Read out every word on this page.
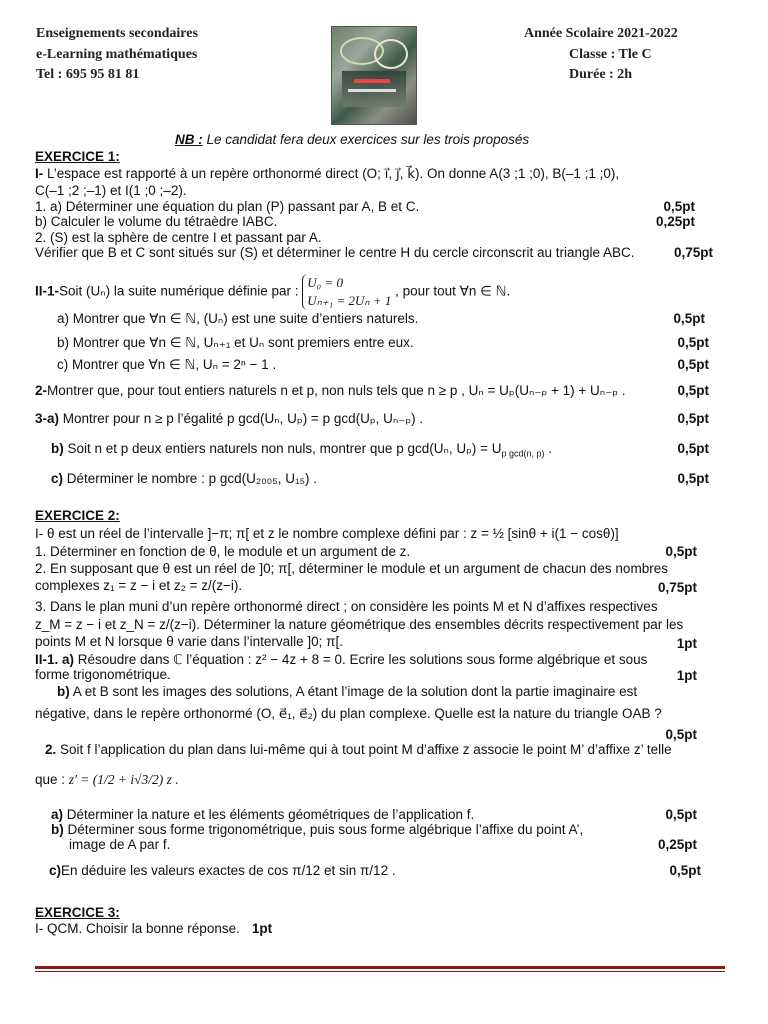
Enseignements secondaires
e-Learning mathématiques
Tel : 695 95 81 81
Année Scolaire 2021-2022
Classe : Tle C
Durée : 2h
NB : Le candidat fera deux exercices sur les trois proposés
EXERCICE 1:
I- L’espace est rapporté à un repère orthonormé direct (O; i⃗, j⃗, k⃗). On donne A(3 ;1 ;0), B(–1 ;1 ;0),
C(–1 ;2 ;–1) et I(1 ;0 ;–2).
1. a) Déterminer une équation du plan (P) passant par A, B et C.	0,5pt
b) Calculer le volume du tétraèdre IABC.	0,25pt
2. (S) est la sphère de centre I et passant par A.
Vérifier que B et C sont situés sur (S) et déterminer le centre H du cercle circonscrit au triangle ABC.	0,75pt
II-1-Soit (Uₙ) la suite numérique définie par :
U₀ = 0
Uₙ₊₁ = 2Uₙ + 1
, pour tout ∀n ∈ ℕ.
a) Montrer que ∀n ∈ ℕ, (Uₙ) est une suite d’entiers naturels.	0,5pt
b) Montrer que ∀n ∈ ℕ, Uₙ₊₁ et Uₙ sont premiers entre eux.	0,5pt
c) Montrer que ∀n ∈ ℕ, Uₙ = 2ⁿ − 1 .	0,5pt
2-Montrer que, pour tout entiers naturels n et p, non nuls tels que n ≥ p , Uₙ = Uₚ(Uₙ₋ₚ + 1) + Uₙ₋ₚ .	0,5pt
3-a) Montrer pour n ≥ p l’égalité p gcd(Uₙ, Uₚ) = p gcd(Uₚ, Uₙ₋ₚ) .	0,5pt
b) Soit n et p deux entiers naturels non nuls, montrer que p gcd(Uₙ, $U_p) = U_{p gcd(n, p)}$ .	0,5pt
c) Déterminer le nombre : p gcd(U₂₀₀₅, U₁₅) .	0,5pt
EXERCICE 2:
I- θ est un réel de l’intervalle ]−π; π[ et z le nombre complexe défini par : z = ½ [sinθ + i(1 − cosθ)]
1. Déterminer en fonction de θ, le module et un argument de z.	0,5pt
2. En supposant que θ est un réel de ]0; π[, déterminer le module et un argument de chacun des nombres
complexes z₁ = z − i et z₂ = z/(z−i).	0,75pt
3. Dans le plan muni d’un repère orthonormé direct ; on considère les points M et N d’affixes respectives
z_M = z − i et z_N = z/(z−i). Déterminer la nature géométrique des ensembles décrits respectivement par les
points M et N lorsque θ varie dans l’intervalle ]0; π[.	1pt
II-1. a) Résoudre dans ℂ l’équation : z² − 4z + 8 = 0. Ecrire les solutions sous forme algébrique et sous
forme trigonométrique.	1pt
b) A et B sont les images des solutions, A étant l’image de la solution dont la partie imaginaire est
négative, dans le repère orthonormé (O, e⃗₁, e⃗₂) du plan complexe. Quelle est la nature du triangle OAB ?
0,5pt
2. Soit f l’application du plan dans lui-même qui à tout point M d’affixe z associe le point M’ d’affixe z’ telle
que : z' = (1/2 + i√3/2) z .
a) Déterminer la nature et les éléments géométriques de l’application f.	0,5pt
b) Déterminer sous forme trigonométrique, puis sous forme algébrique l’affixe du point A’,
image de A par f.	0,25pt
c)En déduire les valeurs exactes de cos π/12 et sin π/12 .	0,5pt
EXERCICE 3:
I- QCM. Choisir la bonne réponse. 1pt
